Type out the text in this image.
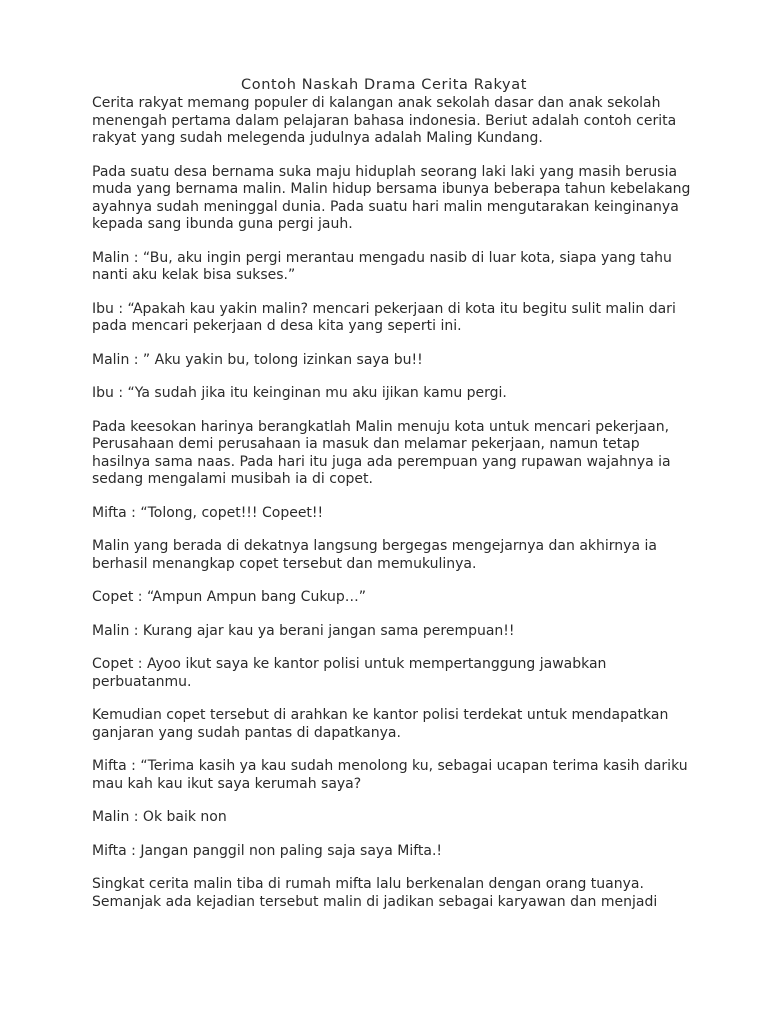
Contoh Naskah Drama Cerita Rakyat

Cerita rakyat memang populer di kalangan anak sekolah dasar dan anak sekolah
menengah pertama dalam pelajaran bahasa indonesia. Beriut adalah contoh cerita
rakyat yang sudah melegenda judulnya adalah Maling Kundang.

Pada suatu desa bernama suka maju hiduplah seorang laki laki yang masih berusia
muda yang bernama malin. Malin hidup bersama ibunya beberapa tahun kebelakang
ayahnya sudah meninggal dunia. Pada suatu hari malin mengutarakan keinginanya
kepada sang ibunda guna pergi jauh.

Malin : “Bu, aku ingin pergi merantau mengadu nasib di luar kota, siapa yang tahu
nanti aku kelak bisa sukses.”

Ibu : “Apakah kau yakin malin? mencari pekerjaan di kota itu begitu sulit malin dari
pada mencari pekerjaan d desa kita yang seperti ini.

Malin : ” Aku yakin bu, tolong izinkan saya bu!!

Ibu : “Ya sudah jika itu keinginan mu aku ijikan kamu pergi.

Pada keesokan harinya berangkatlah Malin menuju kota untuk mencari pekerjaan,
Perusahaan demi perusahaan ia masuk dan melamar pekerjaan, namun tetap
hasilnya sama naas. Pada hari itu juga ada perempuan yang rupawan wajahnya ia
sedang mengalami musibah ia di copet.

Mifta : “Tolong, copet!!! Copeet!!

Malin yang berada di dekatnya langsung bergegas mengejarnya dan akhirnya ia
berhasil menangkap copet tersebut dan memukulinya.

Copet : “Ampun Ampun bang Cukup…”

Malin : Kurang ajar kau ya berani jangan sama perempuan!!

Copet : Ayoo ikut saya ke kantor polisi untuk mempertanggung jawabkan
perbuatanmu.

Kemudian copet tersebut di arahkan ke kantor polisi terdekat untuk mendapatkan
ganjaran yang sudah pantas di dapatkanya.

Mifta : “Terima kasih ya kau sudah menolong ku, sebagai ucapan terima kasih dariku
mau kah kau ikut saya kerumah saya?

Malin : Ok baik non

Mifta : Jangan panggil non paling saja saya Mifta.!

Singkat cerita malin tiba di rumah mifta lalu berkenalan dengan orang tuanya.
Semanjak ada kejadian tersebut malin di jadikan sebagai karyawan dan menjadi
